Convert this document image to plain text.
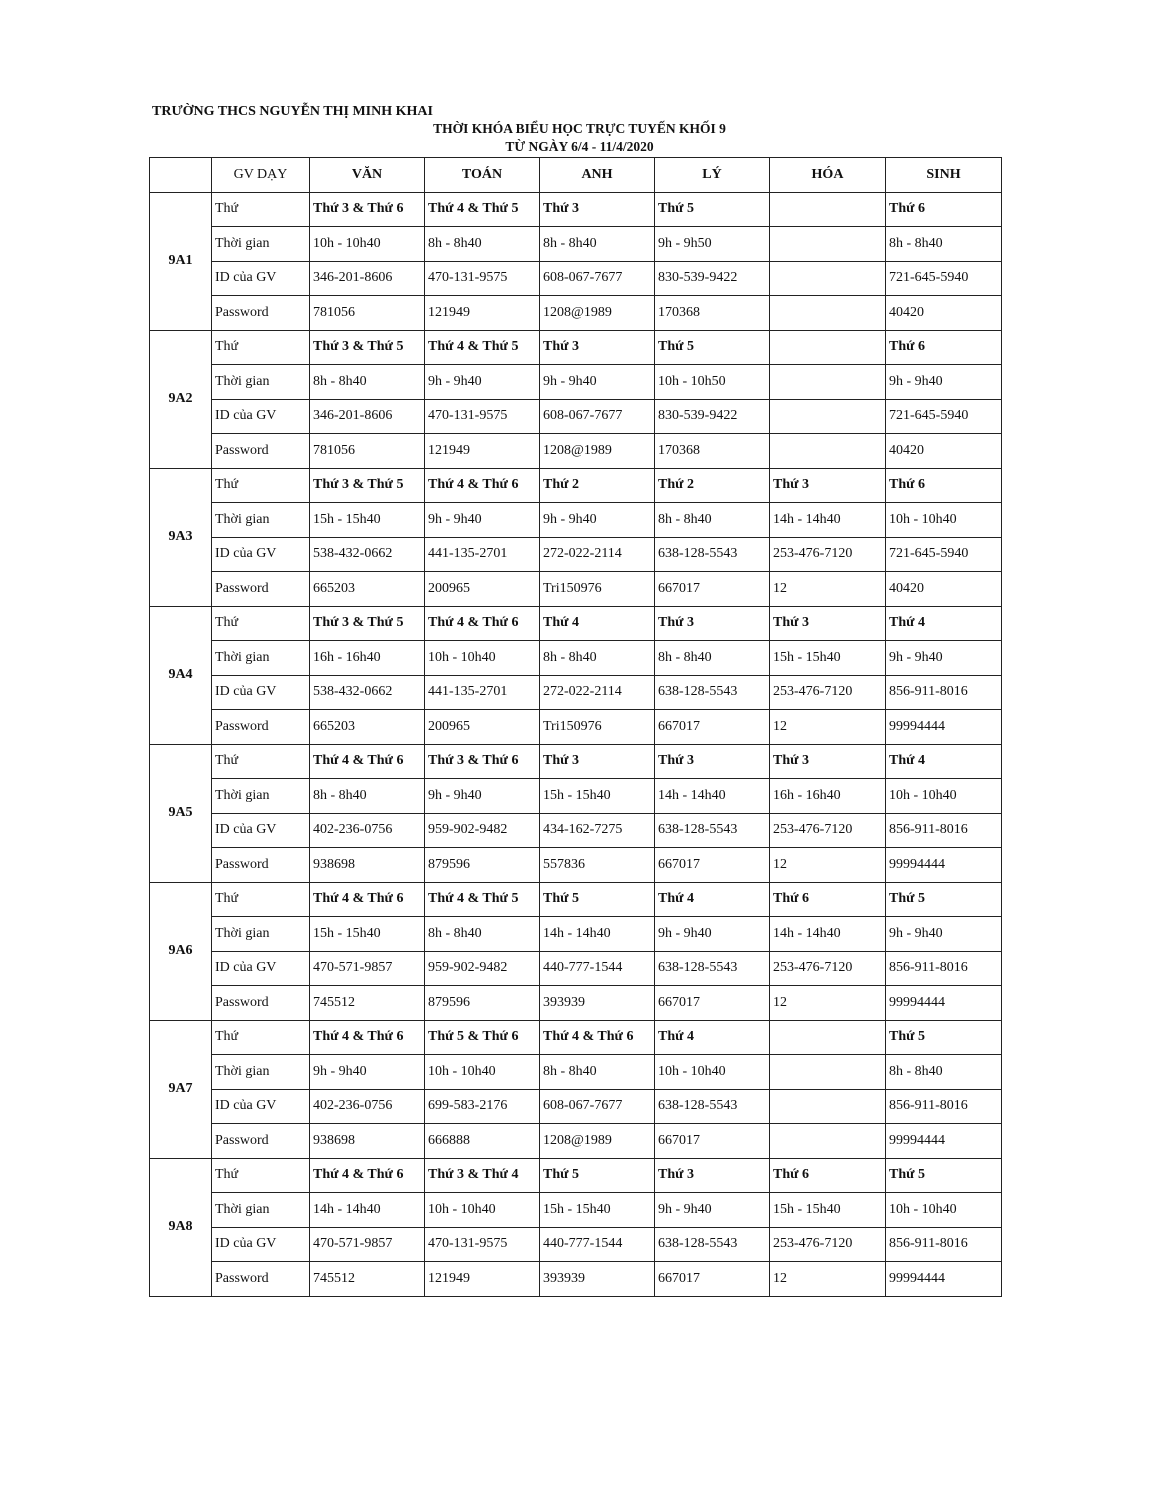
TRƯỜNG THCS NGUYỄN THỊ MINH KHAI
THỜI KHÓA BIỂU HỌC TRỰC TUYẾN KHỐI 9
TỪ NGÀY 6/4 - 11/4/2020
	GV DẠY	VĂN	TOÁN	ANH	LÝ	HÓA	SINH
9A1	Thứ	Thứ 3 & Thứ 6	Thứ 4 & Thứ 5	Thứ 3	Thứ 5		Thứ 6
	Thời gian	10h - 10h40	8h - 8h40	8h - 8h40	9h - 9h50		8h - 8h40
	ID của GV	346-201-8606	470-131-9575	608-067-7677	830-539-9422		721-645-5940
	Password	781056	121949	1208@1989	170368		40420
9A2	Thứ	Thứ 3 & Thứ 5	Thứ 4 & Thứ 5	Thứ 3	Thứ 5		Thứ 6
	Thời gian	8h - 8h40	9h - 9h40	9h - 9h40	10h - 10h50		9h - 9h40
	ID của GV	346-201-8606	470-131-9575	608-067-7677	830-539-9422		721-645-5940
	Password	781056	121949	1208@1989	170368		40420
9A3	Thứ	Thứ 3 & Thứ 5	Thứ 4 & Thứ 6	Thứ 2	Thứ 2	Thứ 3	Thứ 6
	Thời gian	15h - 15h40	9h - 9h40	9h - 9h40	8h - 8h40	14h - 14h40	10h - 10h40
	ID của GV	538-432-0662	441-135-2701	272-022-2114	638-128-5543	253-476-7120	721-645-5940
	Password	665203	200965	Tri150976	667017	12	40420
9A4	Thứ	Thứ 3 & Thứ 5	Thứ 4 & Thứ 6	Thứ 4	Thứ 3	Thứ 3	Thứ 4
	Thời gian	16h - 16h40	10h - 10h40	8h - 8h40	8h - 8h40	15h - 15h40	9h - 9h40
	ID của GV	538-432-0662	441-135-2701	272-022-2114	638-128-5543	253-476-7120	856-911-8016
	Password	665203	200965	Tri150976	667017	12	99994444
9A5	Thứ	Thứ 4 & Thứ 6	Thứ 3 & Thứ 6	Thứ 3	Thứ 3	Thứ 3	Thứ 4
	Thời gian	8h - 8h40	9h - 9h40	15h - 15h40	14h - 14h40	16h - 16h40	10h - 10h40
	ID của GV	402-236-0756	959-902-9482	434-162-7275	638-128-5543	253-476-7120	856-911-8016
	Password	938698	879596	557836	667017	12	99994444
9A6	Thứ	Thứ 4 & Thứ 6	Thứ 4 & Thứ 5	Thứ 5	Thứ 4	Thứ 6	Thứ 5
	Thời gian	15h - 15h40	8h - 8h40	14h - 14h40	9h - 9h40	14h - 14h40	9h - 9h40
	ID của GV	470-571-9857	959-902-9482	440-777-1544	638-128-5543	253-476-7120	856-911-8016
	Password	745512	879596	393939	667017	12	99994444
9A7	Thứ	Thứ 4 & Thứ 6	Thứ 5 & Thứ 6	Thứ 4 & Thứ 6	Thứ 4		Thứ 5
	Thời gian	9h - 9h40	10h - 10h40	8h - 8h40	10h - 10h40		8h - 8h40
	ID của GV	402-236-0756	699-583-2176	608-067-7677	638-128-5543		856-911-8016
	Password	938698	666888	1208@1989	667017		99994444
9A8	Thứ	Thứ 4 & Thứ 6	Thứ 3 & Thứ 4	Thứ 5	Thứ 3	Thứ 6	Thứ 5
	Thời gian	14h - 14h40	10h - 10h40	15h - 15h40	9h - 9h40	15h - 15h40	10h - 10h40
	ID của GV	470-571-9857	470-131-9575	440-777-1544	638-128-5543	253-476-7120	856-911-8016
	Password	745512	121949	393939	667017	12	99994444
